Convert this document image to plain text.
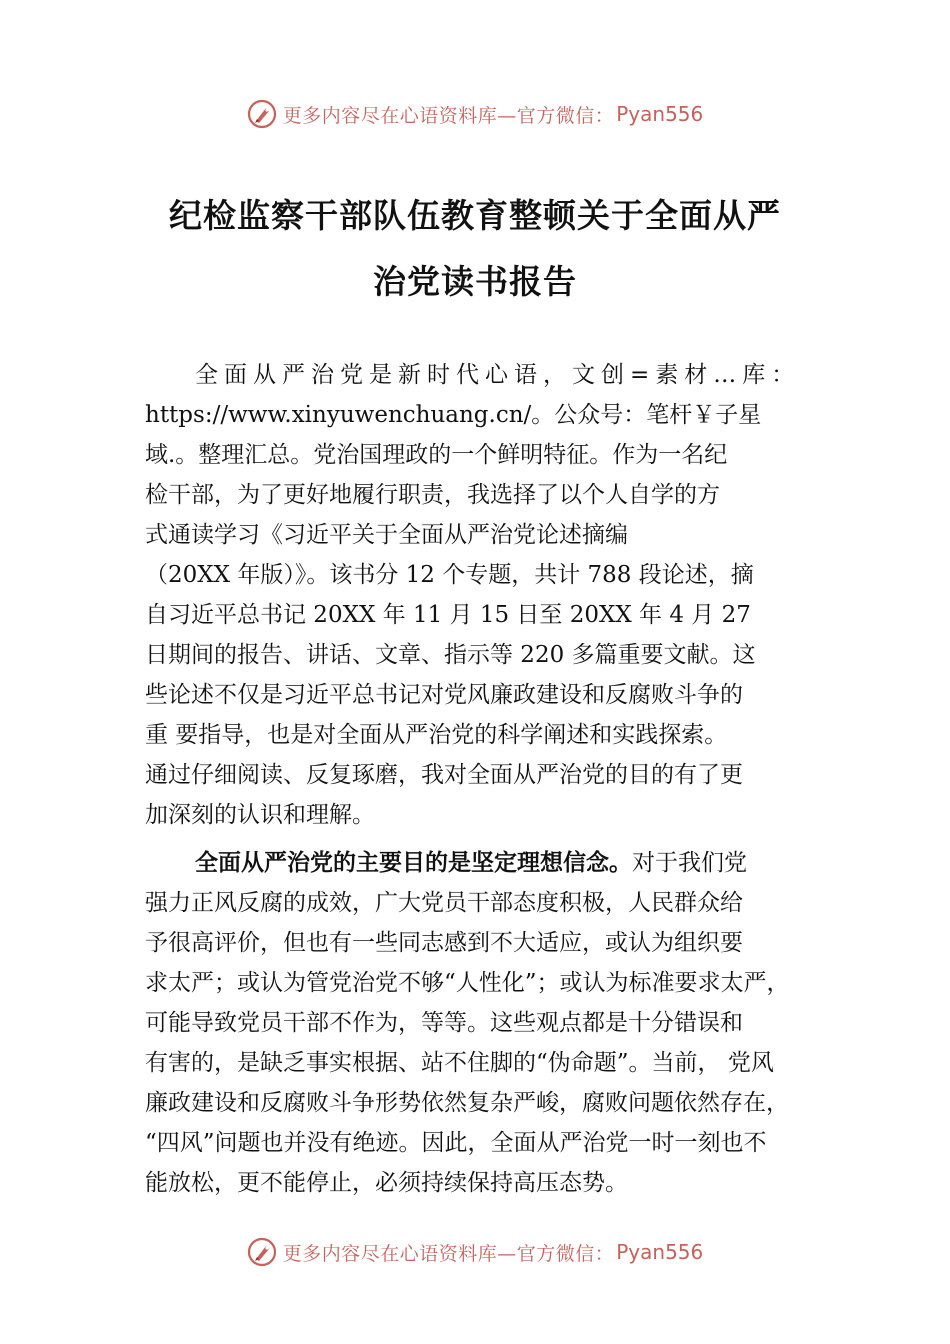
更多内容尽在心语资料库—官方微信： Pyan556
纪检监察干部队伍教育整顿关于全面从严
治党读书报告
全面从严治党是新时代心语，文创=素材…库：
https://www.xinyuwenchuang.cn/。公众号：笔杆￥子星
域.。整理汇总。党治国理政的一个鲜明特征。作为一名纪
检干部，为了更好地履行职责，我选择了以个人自学的方
式通读学习《习近平关于全面从严治党论述摘编
（20XX 年版）》。该书分 12 个专题，共计 788 段论述，摘
自习近平总书记 20XX 年 11 月 15 日至 20XX 年 4 月 27
日期间的报告、讲话、文章、指示等 220 多篇重要文献。这
些论述不仅是习近平总书记对党风廉政建设和反腐败斗争的
重 要指导，也是对全面从严治党的科学阐述和实践探索。
通过仔细阅读、反复琢磨，我对全面从严治党的目的有了更
加深刻的认识和理解。
全面从严治党的主要目的是坚定理想信念。对于我们党
强力正风反腐的成效，广大党员干部态度积极，人民群众给
予很高评价，但也有一些同志感到不大适应，或认为组织要
求太严；或认为管党治党不够“人性化”；或认为标准要求太严，
可能导致党员干部不作为，等等。这些观点都是十分错误和
有害的，是缺乏事实根据、站不住脚的“伪命题”。当前， 党风
廉政建设和反腐败斗争形势依然复杂严峻，腐败问题依然存在，
“四风”问题也并没有绝迹。因此，全面从严治党一时一刻也不
能放松，更不能停止，必须持续保持高压态势。
更多内容尽在心语资料库—官方微信： Pyan556
